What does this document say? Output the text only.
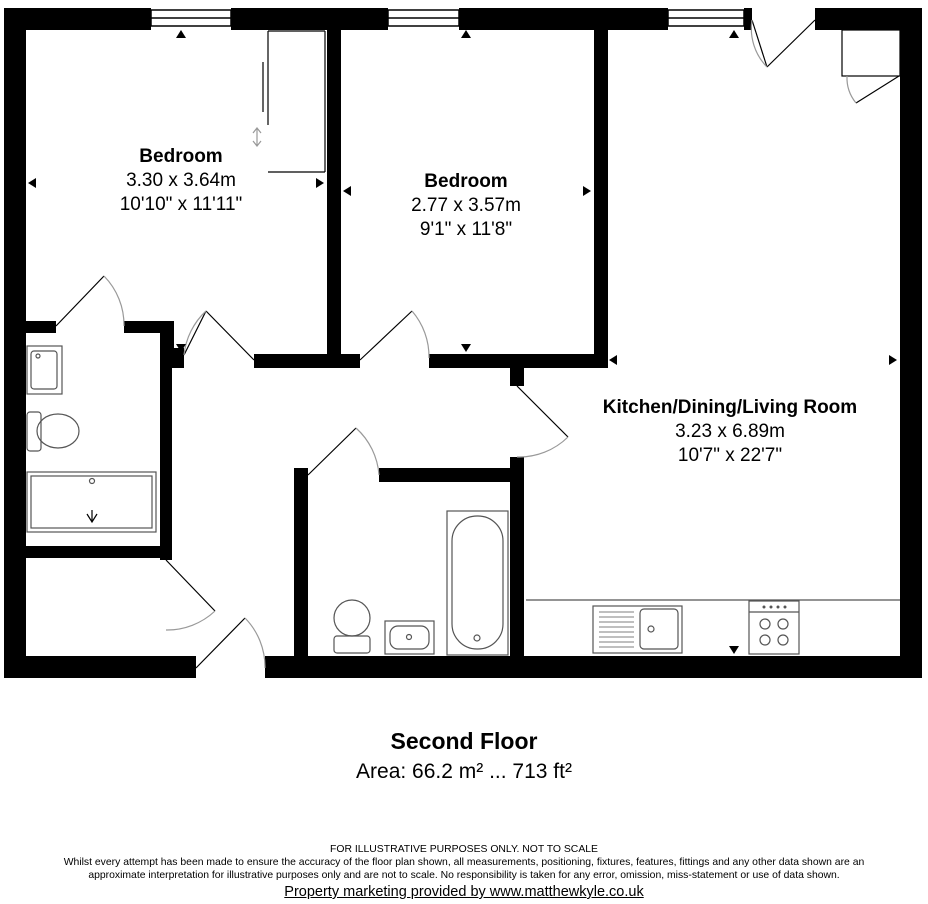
Bedroom
3.30 x 3.64m
10'10" x 11'11"
Bedroom
2.77 x 3.57m
9'1" x 11'8"
Kitchen/Dining/Living Room
3.23 x 6.89m
10'7" x 22'7"
Second Floor
Area: 66.2 m² ... 713 ft²
FOR ILLUSTRATIVE PURPOSES ONLY. NOT TO SCALE
Whilst every attempt has been made to ensure the accuracy of the floor plan shown, all measurements, positioning, fixtures, features, fittings and any other data shown are an
approximate interpretation for illustrative purposes only and are not to scale. No responsibility is taken for any error, omission, miss-statement or use of data shown.
Property marketing provided by www.matthewkyle.co.uk
